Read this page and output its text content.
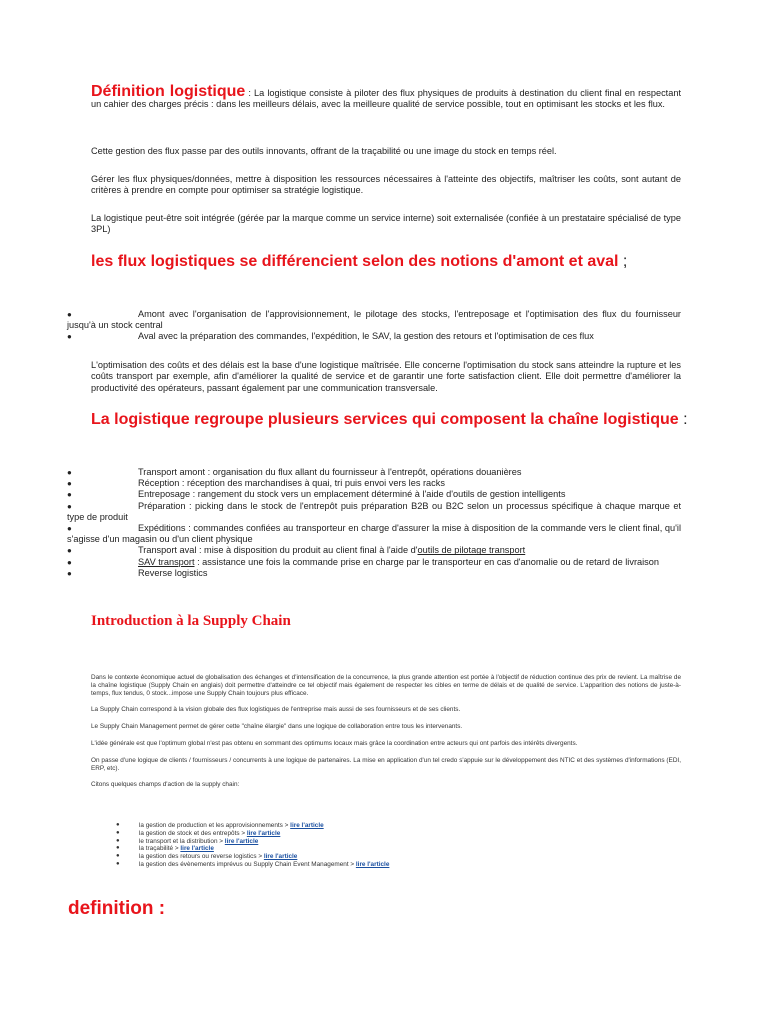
Définition logistique : La logistique consiste à piloter des flux physiques de produits à destination du client final en respectant un cahier des charges précis : dans les meilleurs délais, avec la meilleure qualité de service possible, tout en optimisant les stocks et les flux.

Cette gestion des flux passe par des outils innovants, offrant de la traçabilité ou une image du stock en temps réel.

Gérer les flux physiques/données, mettre à disposition les ressources nécessaires à l'atteinte des objectifs, maîtriser les coûts, sont autant de critères à prendre en compte pour optimiser sa stratégie logistique.

La logistique peut-être soit intégrée (gérée par la marque comme un service interne) soit externalisée (confiée à un prestataire spécialisé de type 3PL)

les flux logistiques se différencient selon des notions d'amont et aval ;

●	Amont avec l'organisation de l'approvisionnement, le pilotage des stocks, l'entreposage et l'optimisation des flux du fournisseur jusqu'à un stock central
●	Aval avec la préparation des commandes, l'expédition, le SAV, la gestion des retours et l'optimisation de ces flux

L'optimisation des coûts et des délais est la base d'une logistique maîtrisée. Elle concerne l'optimisation du stock sans atteindre la rupture et les coûts transport par exemple, afin d'améliorer la qualité de service et de garantir une forte satisfaction client. Elle doit permettre d'améliorer la productivité des opérateurs, passant également par une communication transversale.

La logistique regroupe plusieurs services qui composent la chaîne logistique :

●	Transport amont : organisation du flux allant du fournisseur à l'entrepôt, opérations douanières
●	Réception : réception des marchandises à quai, tri puis envoi vers les racks
●	Entreposage : rangement du stock vers un emplacement déterminé à l'aide d'outils de gestion intelligents
●	Préparation : picking dans le stock de l'entrepôt puis préparation B2B ou B2C selon un processus spécifique à chaque marque et type de produit
●	Expéditions : commandes confiées au transporteur en charge d'assurer la mise à disposition de la commande vers le client final, qu'il s'agisse d'un magasin ou d'un client physique
●	Transport aval : mise à disposition du produit au client final à l'aide d'outils de pilotage transport
●	SAV transport : assistance une fois la commande prise en charge par le transporteur en cas d'anomalie ou de retard de livraison
●	Reverse logistics

Introduction à la Supply Chain

Dans le contexte économique actuel de globalisation des échanges et d'intensification de la concurrence, la plus grande attention est portée à l'objectif de réduction continue des prix de revient. La maîtrise de la chaîne logistique (Supply Chain en anglais) doit permettre d'atteindre ce tel objectif mais également de respecter les cibles en terme de délais et de qualité de service. L'apparition des notions de juste-à-temps, flux tendus, 0 stock...impose une Supply Chain toujours plus efficace.

La Supply Chain correspond à la vision globale des flux logistiques de l'entreprise mais aussi de ses fournisseurs et de ses clients.

Le Supply Chain Management permet de gérer cette "chaîne élargie" dans une logique de collaboration entre tous les intervenants.

L'idée générale est que l'optimum global n'est pas obtenu en sommant des optimums locaux mais grâce la coordination entre acteurs qui ont parfois des intérêts divergents.

On passe d'une logique de clients / fournisseurs / concurrents à une logique de partenaires. La mise en application d'un tel credo s'appuie sur le développement des NTIC et des systèmes d'informations (EDI, ERP, etc).

Citons quelques champs d'action de la supply chain:

●	la gestion de production et les approvisionnements > lire l'article
●	la gestion de stock et des entrepôts > lire l'article
●	le transport et la distribution > lire l'article
●	la traçabilité > lire l'article
●	la gestion des retours ou reverse logistics > lire l'article
●	la gestion des évènements imprévus ou Supply Chain Event Management > lire l'article
definition :
